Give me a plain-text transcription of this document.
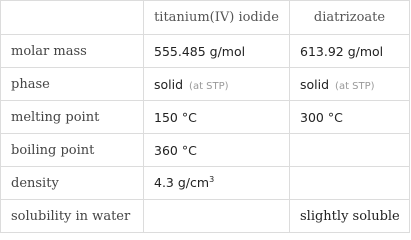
	titanium(IV) iodide	diatrizoate
molar mass	555.485 g/mol	613.92 g/mol
phase	solid (at STP)	solid (at STP)
melting point	150 °C	300 °C
boiling point	360 °C	
density	4.3 $g/cm^3$	
solubility in water		slightly soluble
